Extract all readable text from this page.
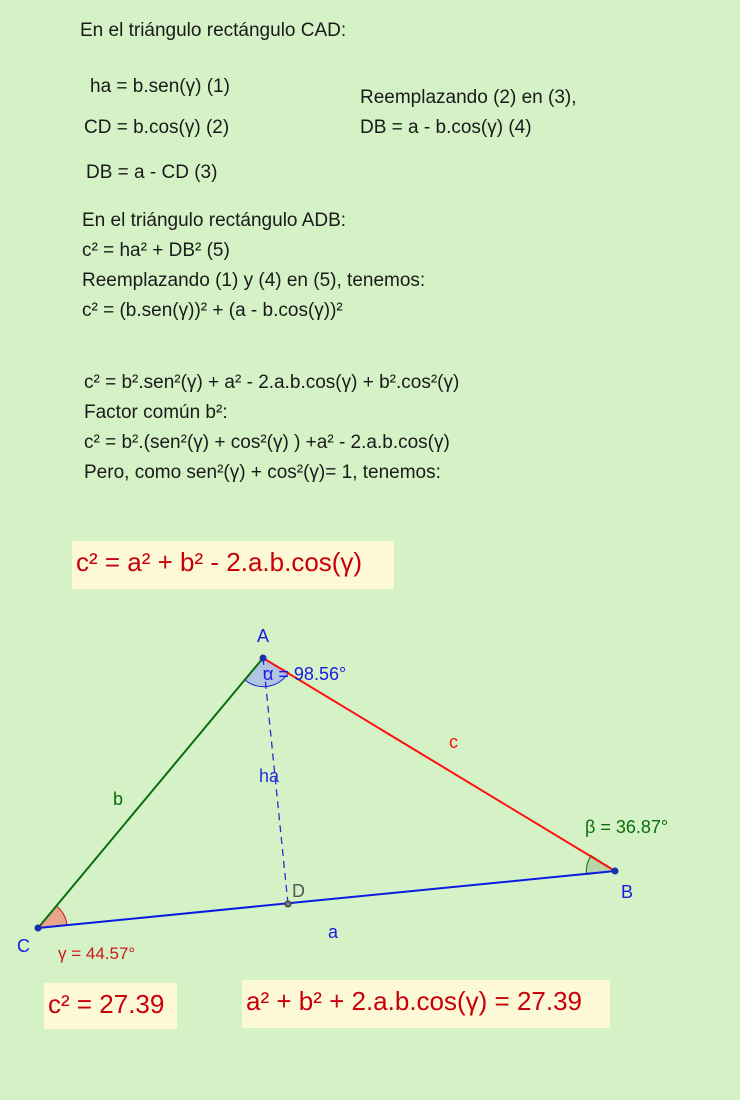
En el triángulo rectángulo CAD:
ha = b.sen(γ) (1)
CD = b.cos(γ) (2)
DB = a - CD (3)
Reemplazando (2) en (3),
DB = a - b.cos(γ) (4)
En el triángulo rectángulo ADB:
c² = ha² + DB² (5)
Reemplazando (1) y (4) en (5), tenemos:
c² = (b.sen(γ))² + (a - b.cos(γ))²
c² = b².sen²(γ) + a² - 2.a.b.cos(γ) + b².cos²(γ)
Factor común b²:
c² = b².(sen²(γ) + cos²(γ) ) +a² - 2.a.b.cos(γ)
Pero, como sen²(γ) + cos²(γ)= 1, tenemos:
c² = a² + b² - 2.a.b.cos(γ)
A
B
C
D
a
b
c
ha
α = 98.56°
β = 36.87°
γ = 44.57°
c² = 27.39	a² + b² + 2.a.b.cos(γ) = 27.39
